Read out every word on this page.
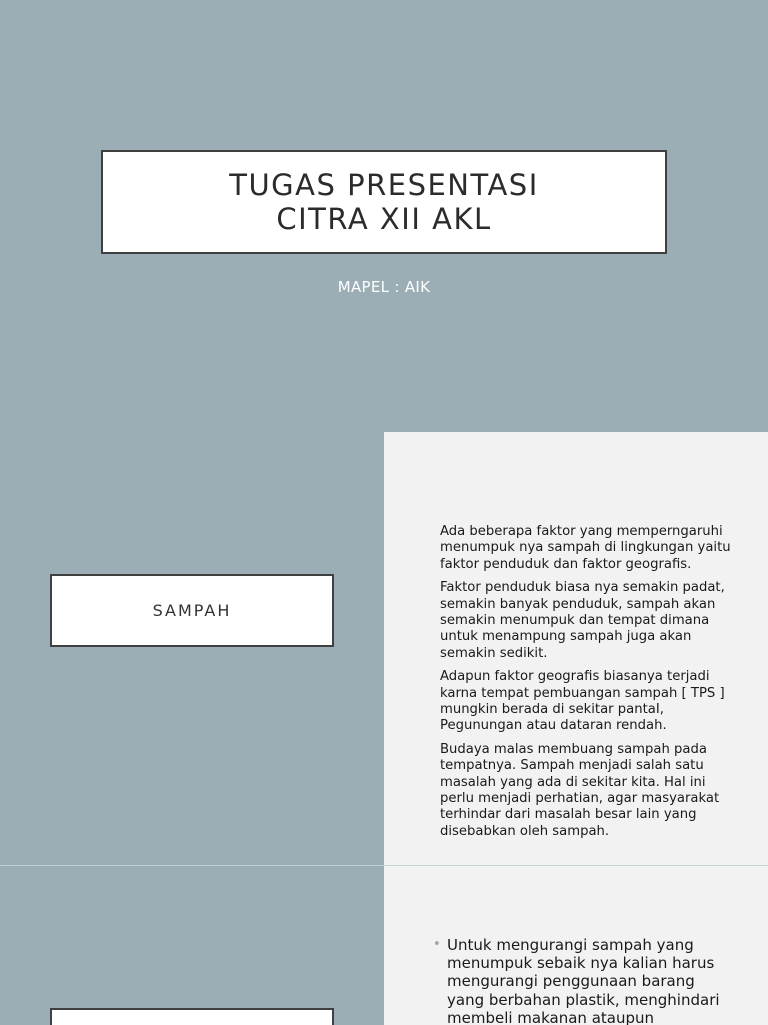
TUGAS PRESENTASI
CITRA XII AKL
MAPEL : AIK
SAMPAH

Ada beberapa faktor yang memperngaruhi menumpuk nya sampah di lingkungan yaitu faktor penduduk dan faktor geografis.

Faktor penduduk biasa nya semakin padat, semakin banyak penduduk, sampah akan semakin menumpuk dan tempat dimana untuk menampung sampah juga akan semakin sedikit.

Adapun faktor geografis biasanya terjadi karna tempat pembuangan sampah [ TPS ] mungkin berada di sekitar pantaI, Pegunungan atau dataran rendah.

Budaya malas membuang sampah pada tempatnya. Sampah menjadi salah satu masalah yang ada di sekitar kita. Hal ini perlu menjadi perhatian, agar masyarakat terhindar dari masalah besar lain yang disebabkan oleh sampah.

• Untuk mengurangi sampah yang menumpuk sebaik nya kalian harus mengurangi penggunaan barang yang berbahan plastik, menghindari membeli makanan ataupun
